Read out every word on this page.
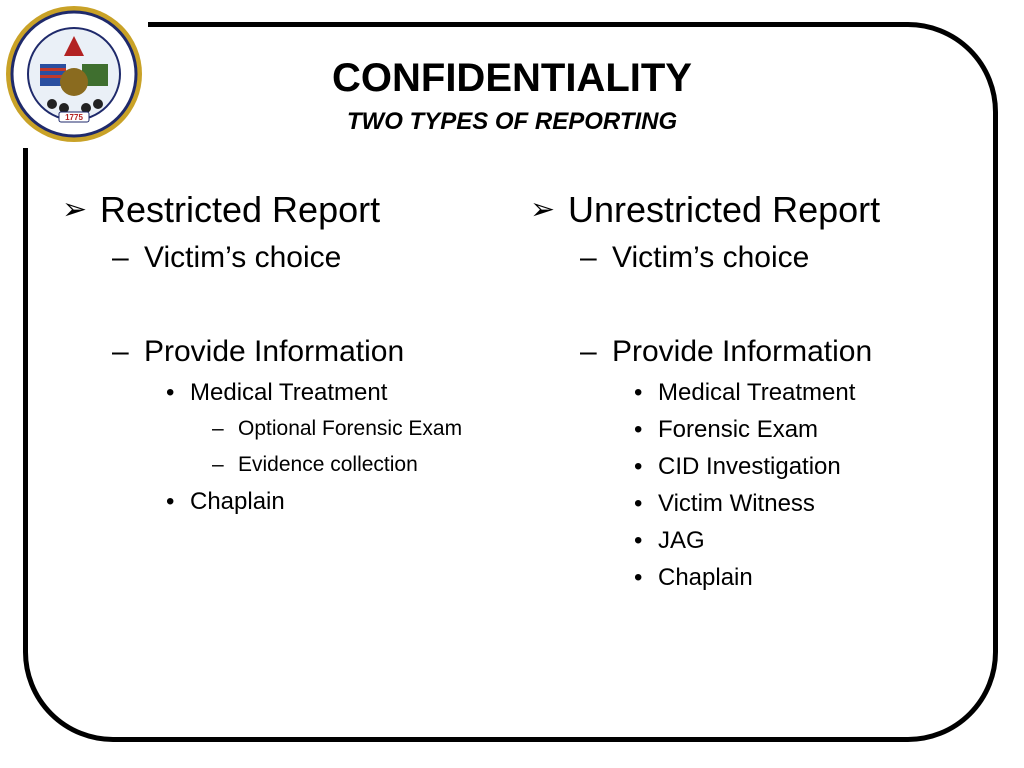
1775
CONFIDENTIALITY
TWO TYPES OF REPORTING
➢ Restricted Report
– Victim’s choice
– Provide Information
• Medical Treatment
– Optional Forensic Exam
– Evidence collection
• Chaplain
➢ Unrestricted Report
– Victim’s choice
– Provide Information
• Medical Treatment
• Forensic Exam
• CID Investigation
• Victim Witness
• JAG
• Chaplain
